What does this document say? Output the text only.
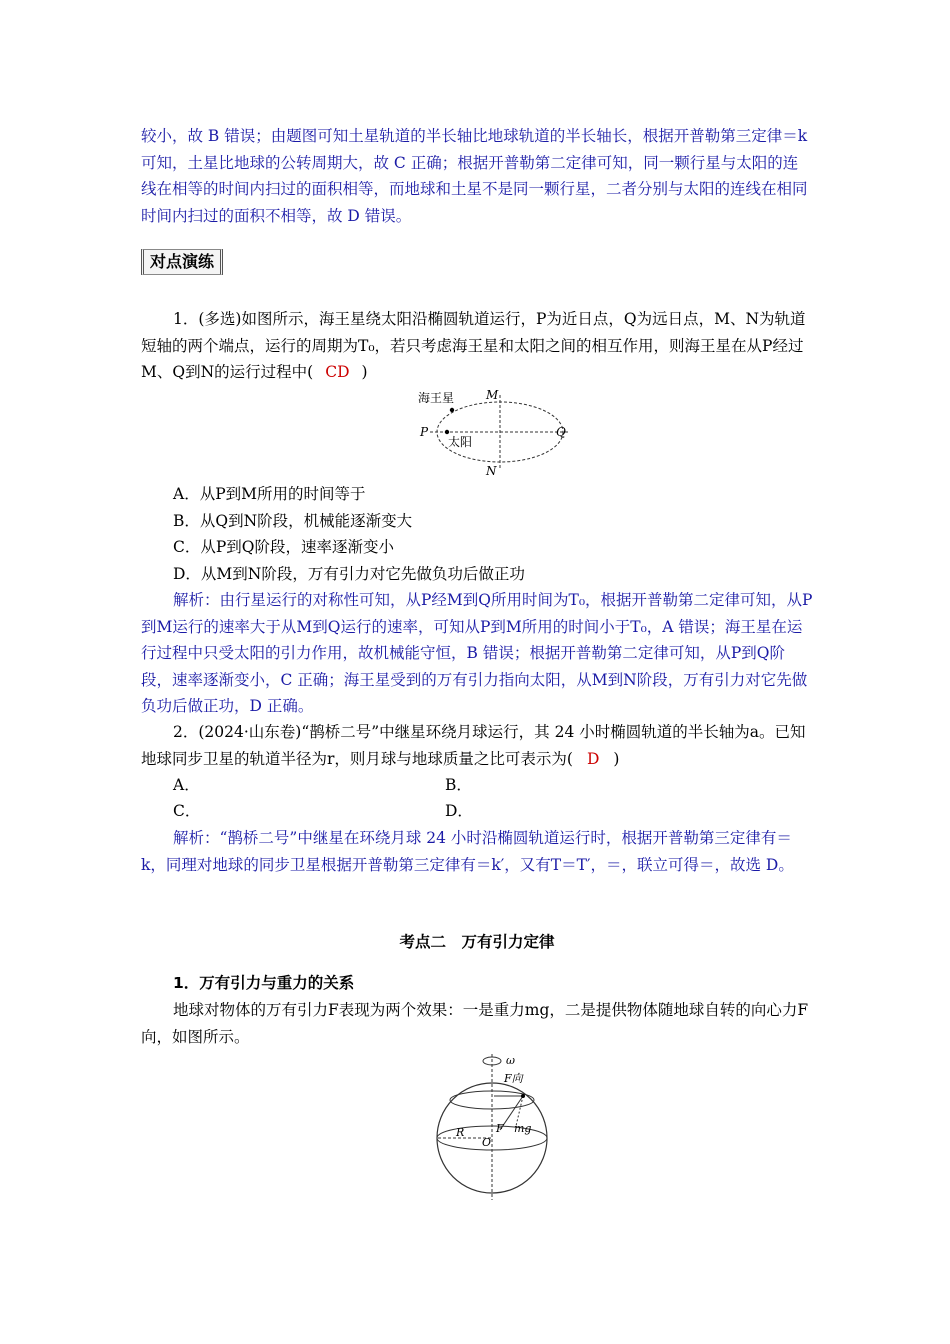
较小，故 B 错误；由题图可知土星轨道的半长轴比地球轨道的半长轴长，根据开普勒第三定律＝k可知，土星比地球的公转周期大，故 C 正确；根据开普勒第二定律可知，同一颗行星与太阳的连线在相等的时间内扫过的面积相等，而地球和土星不是同一颗行星，二者分别与太阳的连线在相同时间内扫过的面积不相等，故 D 错误。

对点演练

1．(多选)如图所示，海王星绕太阳沿椭圆轨道运行，P为近日点，Q为远日点，M、N为轨道短轴的两个端点，运行的周期为T₀，若只考虑海王星和太阳之间的相互作用，则海王星在从P经过M、Q到N的运行过程中( CD )

海王星
太阳
P	Q
M
N
A．从P到M所用的时间等于
B．从Q到N阶段，机械能逐渐变大
C．从P到Q阶段，速率逐渐变小
D．从M到N阶段，万有引力对它先做负功后做正功

解析：由行星运行的对称性可知，从P经M到Q所用时间为T₀，根据开普勒第二定律可知，从P到M运行的速率大于从M到Q运行的速率，可知从P到M所用的时间小于T₀，A 错误；海王星在运行过程中只受太阳的引力作用，故机械能守恒，B 错误；根据开普勒第二定律可知，从P到Q阶段，速率逐渐变小，C 正确；海王星受到的万有引力指向太阳，从M到N阶段，万有引力对它先做负功后做正功，D 正确。

2．(2024·山东卷)“鹊桥二号”中继星环绕月球运行，其 24 小时椭圆轨道的半长轴为a。已知地球同步卫星的轨道半径为r，则月球与地球质量之比可表示为( D )

A．	B．
C．	D．

解析：“鹊桥二号”中继星在环绕月球 24 小时沿椭圆轨道运行时，根据开普勒第三定律有＝k，同理对地球的同步卫星根据开普勒第三定律有＝k′，又有T＝T′，＝，联立可得＝，故选 D。

考点二　万有引力定律
1．万有引力与重力的关系

地球对物体的万有引力F表现为两个效果：一是重力mg，二是提供物体随地球自转的向心力F向，如图所示。

ω
F向
F mg
R
O
